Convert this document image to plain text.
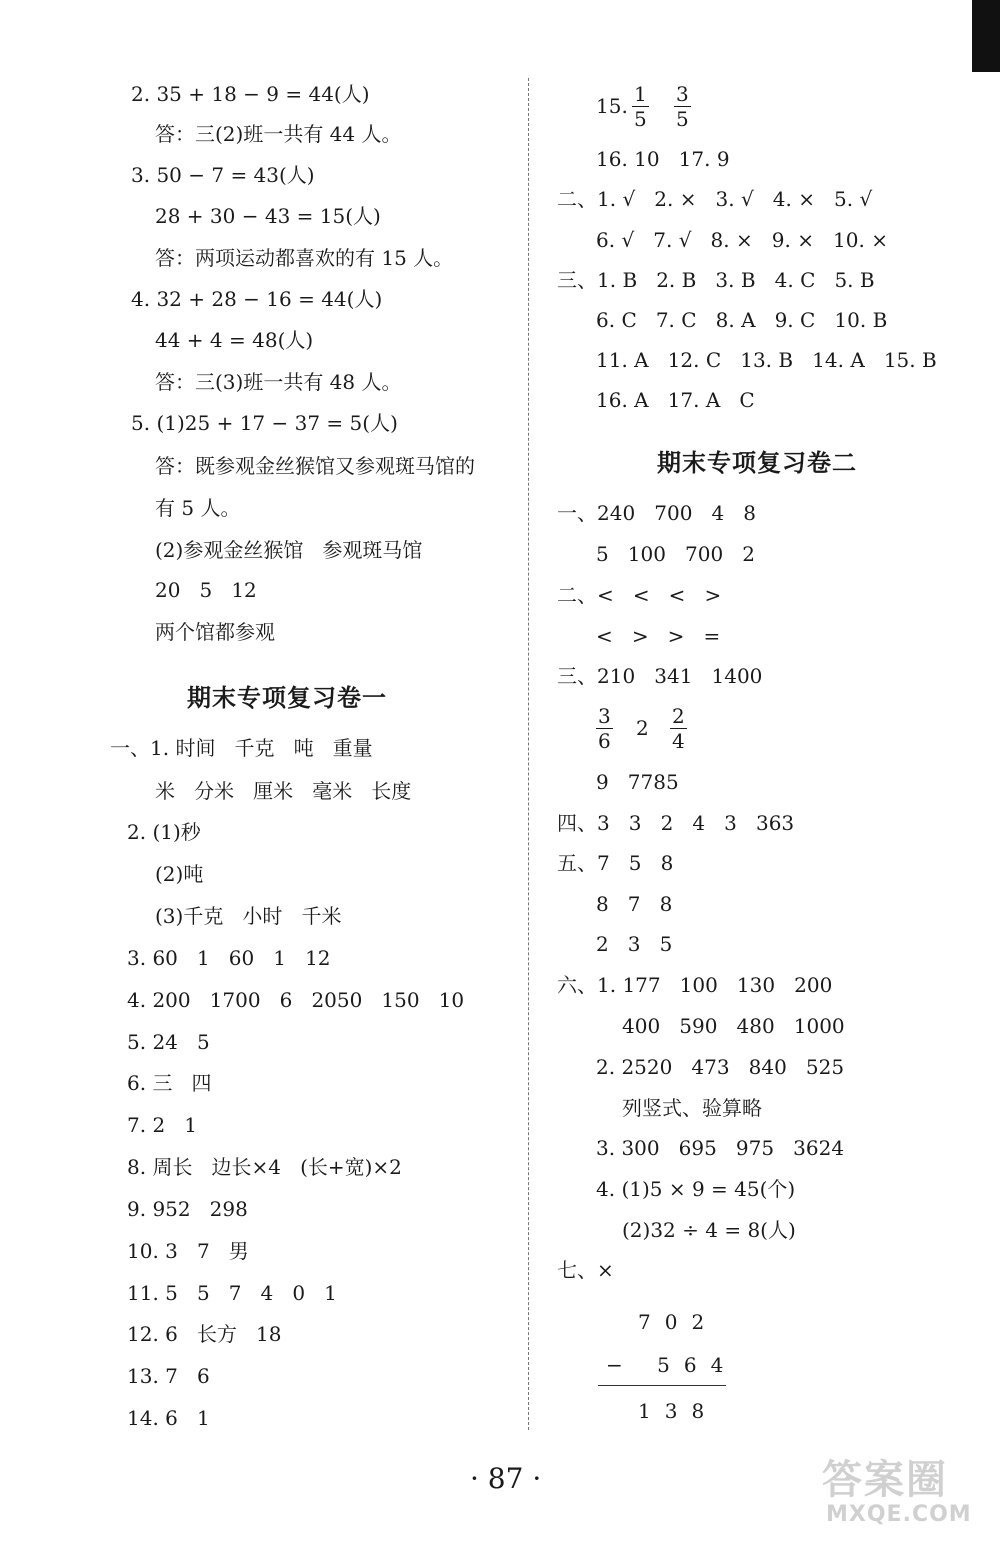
2. 35 + 18 − 9 = 44(人)
答：三(2)班一共有 44 人。
3. 50 − 7 = 43(人)
28 + 30 − 43 = 15(人)
答：两项运动都喜欢的有 15 人。
4. 32 + 28 − 16 = 44(人)
44 + 4 = 48(人)
答：三(3)班一共有 48 人。
5. (1)25 + 17 − 37 = 5(人)
答：既参观金丝猴馆又参观斑马馆的
有 5 人。
(2)参观金丝猴馆   参观斑马馆
20   5   12
两个馆都参观
期末专项复习卷一
一、1. 时间   千克   吨   重量
米   分米   厘米   毫米   长度
2. (1)秒
(2)吨
(3)千克   小时   千米
3. 60   1   60   1   12
4. 200   1700   6   2050   150   10
5. 24   5
6. 三   四
7. 2   1
8. 周长   边长×4   (长+宽)×2
9. 952   298
10. 3   7   男
11. 5   5   7   4   0   1
12. 6   长方   18
13. 7   6
14. 6   1
15. $\frac{1}{5} \frac{3}{5}$
16. 10   17. 9
二、1. √   2. ×   3. √   4. ×   5. √
6. √   7. √   8. ×   9. ×   10. ×
三、1. B   2. B   3. B   4. C   5. B
6. C   7. C   8. A   9. C   10. B
11. A   12. C   13. B   14. A   15. B
16. A   17. A   C
期末专项复习卷二
一、240   700   4   8
5   100   700   2
二、<   <   <   >
<   >   >   =
三、210   341   1400
$\frac{3}{6} 2 \frac{2}{4}$
9   7785
四、3   3   2   4   3   363
五、7   5   8
8   7   8
2   3   5
六、1. 177   100   130   200
400   590   480   1000
2. 2520   473   840   525
列竖式、验算略
3. 300   695   975   3624
4. (1)5 × 9 = 45(个)
(2)32 ÷ 4 = 8(人)
七、×
702
− 564
138
· 87 ·	答案圈
MXQE.COM
